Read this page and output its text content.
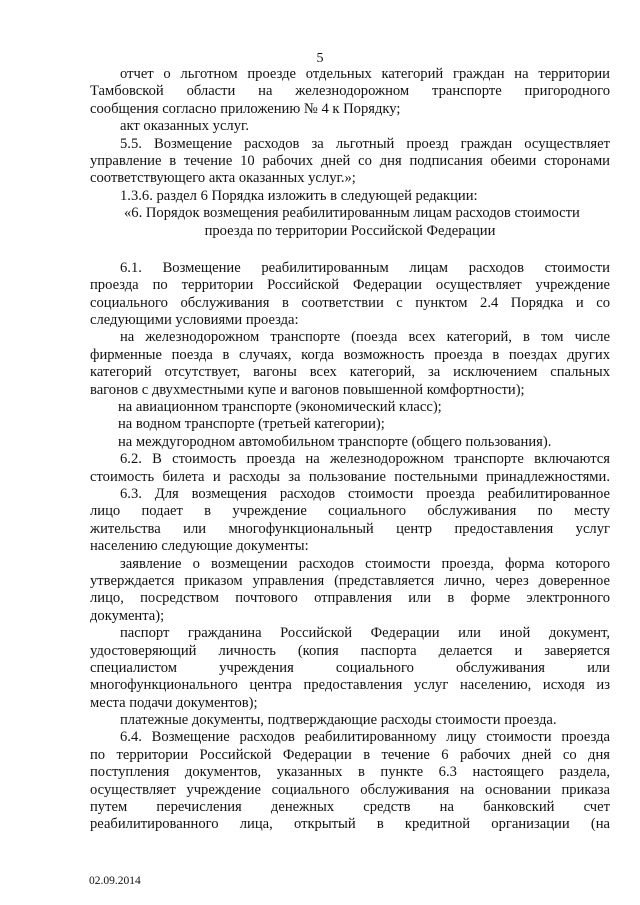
5
отчет о льготном проезде отдельных категорий граждан на территории
Тамбовской области на железнодорожном транспорте пригородного
сообщения согласно приложению № 4 к Порядку;
акт оказанных услуг.
5.5. Возмещение расходов за льготный проезд граждан осуществляет
управление в течение 10 рабочих дней со дня подписания обеими сторонами
соответствующего акта оказанных услуг.»;
1.3.6. раздел 6 Порядка изложить в следующей редакции:
«6. Порядок возмещения реабилитированным лицам расходов стоимости
проезда по территории Российской Федерации
6.1. Возмещение реабилитированным лицам расходов стоимости
проезда по территории Российской Федерации осуществляет учреждение
социального обслуживания в соответствии с пунктом 2.4 Порядка и со
следующими условиями проезда:
на железнодорожном транспорте (поезда всех категорий, в том числе
фирменные поезда в случаях, когда возможность проезда в поездах других
категорий отсутствует, вагоны всех категорий, за исключением спальных
вагонов с двухместными купе и вагонов повышенной комфортности);
на авиационном транспорте (экономический класс);
на водном транспорте (третьей категории);
на междугородном автомобильном транспорте (общего пользования).
6.2. В стоимость проезда на железнодорожном транспорте включаются
стоимость билета и расходы за пользование постельными принадлежностями.
6.3. Для возмещения расходов стоимости проезда реабилитированное
лицо подает в учреждение социального обслуживания по месту
жительства или многофункциональный центр предоставления услуг
населению следующие документы:
заявление о возмещении расходов стоимости проезда, форма которого
утверждается приказом управления (представляется лично, через доверенное
лицо, посредством почтового отправления или в форме электронного
документа);
паспорт гражданина Российской Федерации или иной документ,
удостоверяющий личность (копия паспорта делается и заверяется
специалистом учреждения социального обслуживания или
многофункционального центра предоставления услуг населению, исходя из
места подачи документов);
платежные документы, подтверждающие расходы стоимости проезда.
6.4. Возмещение расходов реабилитированному лицу стоимости проезда
по территории Российской Федерации в течение 6 рабочих дней со дня
поступления документов, указанных в пункте 6.3 настоящего раздела,
осуществляет учреждение социального обслуживания на основании приказа
путем перечисления денежных средств на банковский счет
реабилитированного лица, открытый в кредитной организации (на
02.09.2014
